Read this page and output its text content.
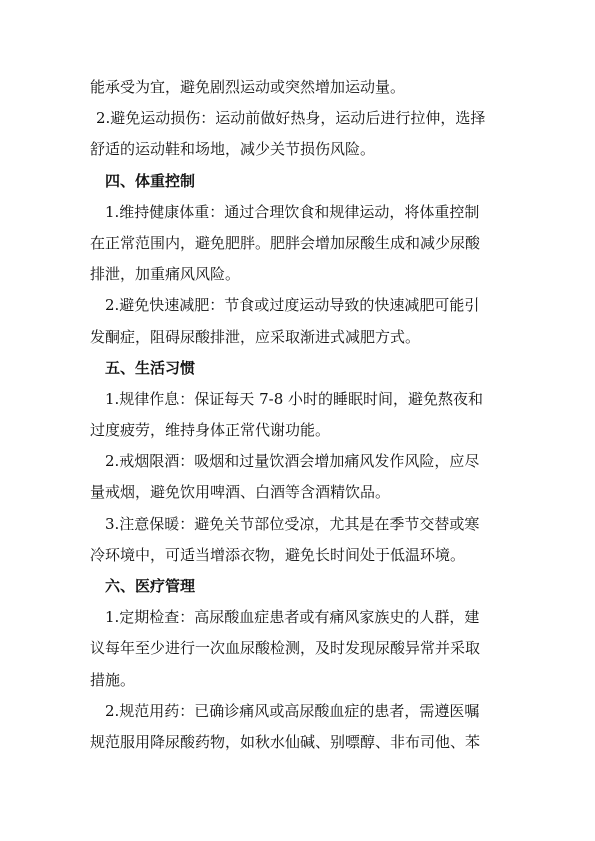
能承受为宜，避免剧烈运动或突然增加运动量。
2.避免运动损伤：运动前做好热身，运动后进行拉伸，选择
舒适的运动鞋和场地，减少关节损伤风险。
四、体重控制
1.维持健康体重：通过合理饮食和规律运动，将体重控制
在正常范围内，避免肥胖。肥胖会增加尿酸生成和减少尿酸
排泄，加重痛风风险。
2.避免快速减肥：节食或过度运动导致的快速减肥可能引
发酮症，阻碍尿酸排泄，应采取渐进式减肥方式。
五、生活习惯
1.规律作息：保证每天 7-8 小时的睡眠时间，避免熬夜和
过度疲劳，维持身体正常代谢功能。
2.戒烟限酒：吸烟和过量饮酒会增加痛风发作风险，应尽
量戒烟，避免饮用啤酒、白酒等含酒精饮品。
3.注意保暖：避免关节部位受凉，尤其是在季节交替或寒
冷环境中，可适当增添衣物，避免长时间处于低温环境。
六、医疗管理
1.定期检查：高尿酸血症患者或有痛风家族史的人群，建
议每年至少进行一次血尿酸检测，及时发现尿酸异常并采取
措施。
2.规范用药：已确诊痛风或高尿酸血症的患者，需遵医嘱
规范服用降尿酸药物，如秋水仙碱、别嘌醇、非布司他、苯
